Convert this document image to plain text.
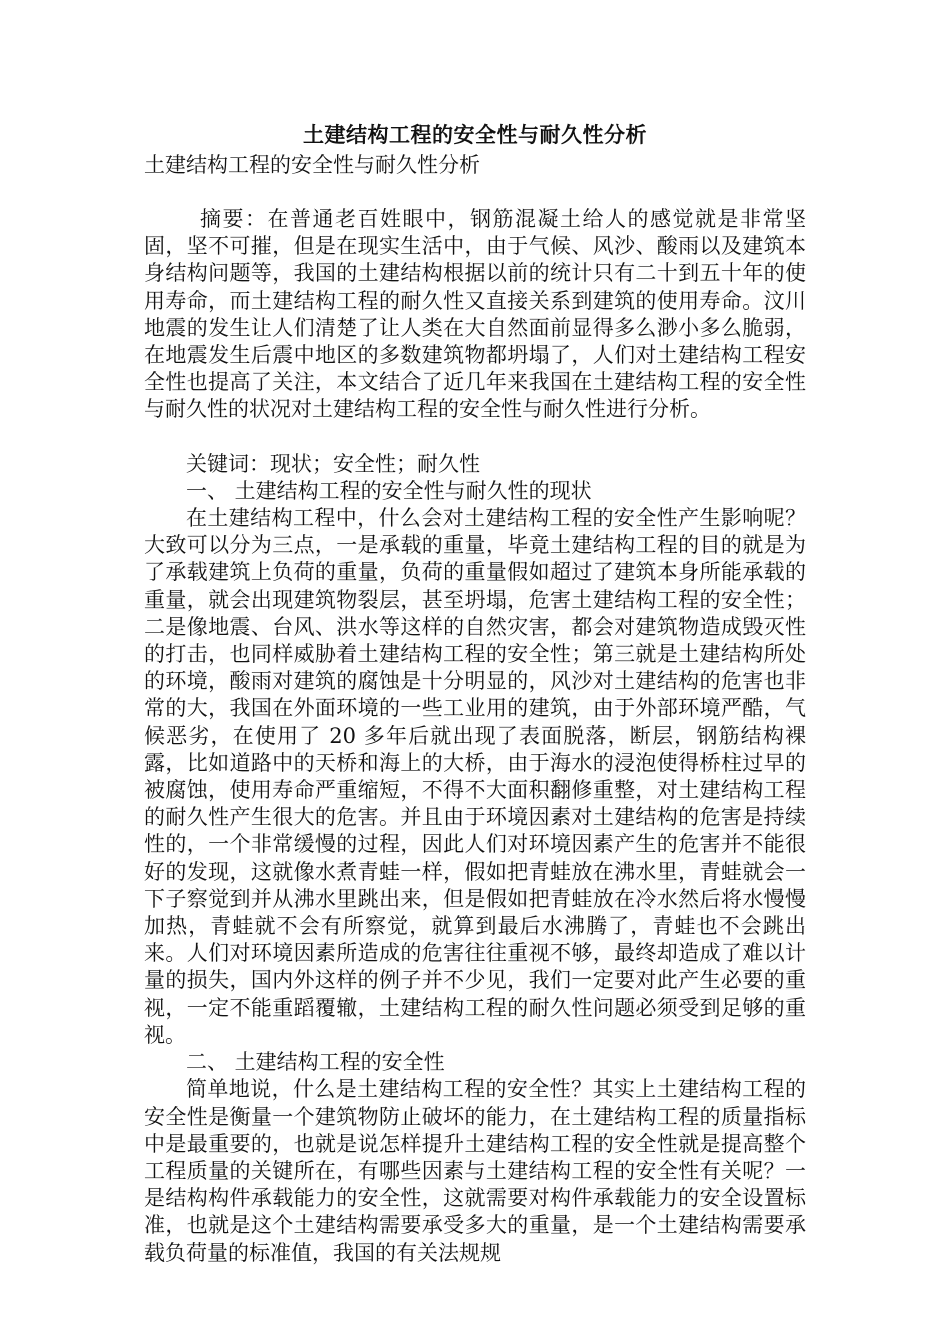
土建结构工程的安全性与耐久性分析

土建结构工程的安全性与耐久性分析

摘要：在普通老百姓眼中，钢筋混凝土给人的感觉就是非常坚固，坚不可摧，但是在现实生活中，由于气候、风沙、酸雨以及建筑本身结构问题等，我国的土建结构根据以前的统计只有二十到五十年的使用寿命，而土建结构工程的耐久性又直接关系到建筑的使用寿命。汶川地震的发生让人们清楚了让人类在大自然面前显得多么渺小多么脆弱，在地震发生后震中地区的多数建筑物都坍塌了，人们对土建结构工程安全性也提高了关注，本文结合了近几年来我国在土建结构工程的安全性与耐久性的状况对土建结构工程的安全性与耐久性进行分析。

关键词：现状；安全性；耐久性

一、 土建结构工程的安全性与耐久性的现状

在土建结构工程中，什么会对土建结构工程的安全性产生影响呢？大致可以分为三点，一是承载的重量，毕竟土建结构工程的目的就是为了承载建筑上负荷的重量，负荷的重量假如超过了建筑本身所能承载的重量，就会出现建筑物裂层，甚至坍塌，危害土建结构工程的安全性；二是像地震、台风、洪水等这样的自然灾害，都会对建筑物造成毁灭性的打击，也同样威胁着土建结构工程的安全性；第三就是土建结构所处的环境，酸雨对建筑的腐蚀是十分明显的，风沙对土建结构的危害也非常的大，我国在外面环境的一些工业用的建筑，由于外部环境严酷，气候恶劣，在使用了 20 多年后就出现了表面脱落，断层，钢筋结构裸露，比如道路中的天桥和海上的大桥，由于海水的浸泡使得桥柱过早的被腐蚀，使用寿命严重缩短，不得不大面积翻修重整，对土建结构工程的耐久性产生很大的危害。并且由于环境因素对土建结构的危害是持续性的，一个非常缓慢的过程，因此人们对环境因素产生的危害并不能很好的发现，这就像水煮青蛙一样，假如把青蛙放在沸水里，青蛙就会一下子察觉到并从沸水里跳出来，但是假如把青蛙放在冷水然后将水慢慢加热，青蛙就不会有所察觉，就算到最后水沸腾了，青蛙也不会跳出来。人们对环境因素所造成的危害往往重视不够，最终却造成了难以计量的损失，国内外这样的例子并不少见，我们一定要对此产生必要的重视，一定不能重蹈覆辙，土建结构工程的耐久性问题必须受到足够的重视。

二、 土建结构工程的安全性

简单地说，什么是土建结构工程的安全性？其实上土建结构工程的安全性是衡量一个建筑物防止破坏的能力，在土建结构工程的质量指标中是最重要的，也就是说怎样提升土建结构工程的安全性就是提高整个工程质量的关键所在，有哪些因素与土建结构工程的安全性有关呢？一是结构构件承载能力的安全性，这就需要对构件承载能力的安全设置标准，也就是这个土建结构需要承受多大的重量，是一个土建结构需要承载负荷量的标准值，我国的有关法规规
